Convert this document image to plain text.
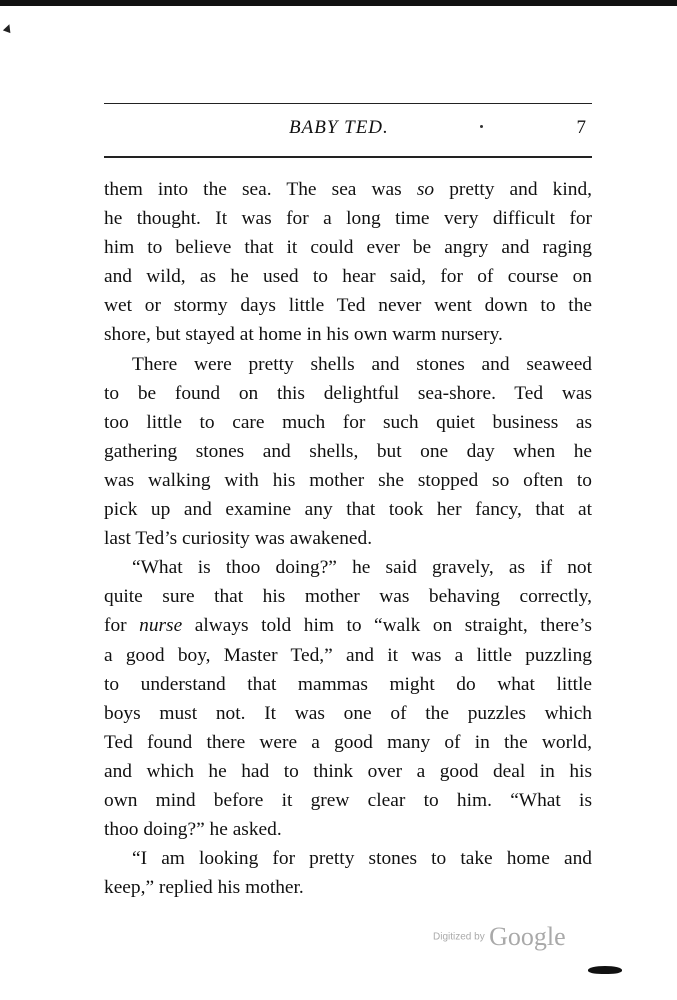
BABY TED.	7
them into the sea. The sea was so pretty and kind,
he thought. It was for a long time very difficult for
him to believe that it could ever be angry and raging
and wild, as he used to hear said, for of course on
wet or stormy days little Ted never went down to the
shore, but stayed at home in his own warm nursery.
There were pretty shells and stones and seaweed
to be found on this delightful sea-shore. Ted was
too little to care much for such quiet business as
gathering stones and shells, but one day when he
was walking with his mother she stopped so often to
pick up and examine any that took her fancy, that at
last Ted’s curiosity was awakened.
“What is thoo doing?” he said gravely, as if not
quite sure that his mother was behaving correctly,
for nurse always told him to “walk on straight, there’s
a good boy, Master Ted,” and it was a little puzzling
to understand that mammas might do what little
boys must not. It was one of the puzzles which
Ted found there were a good many of in the world,
and which he had to think over a good deal in his
own mind before it grew clear to him. “What is
thoo doing?” he asked.
“I am looking for pretty stones to take home and
keep,” replied his mother.
Digitized by Google
